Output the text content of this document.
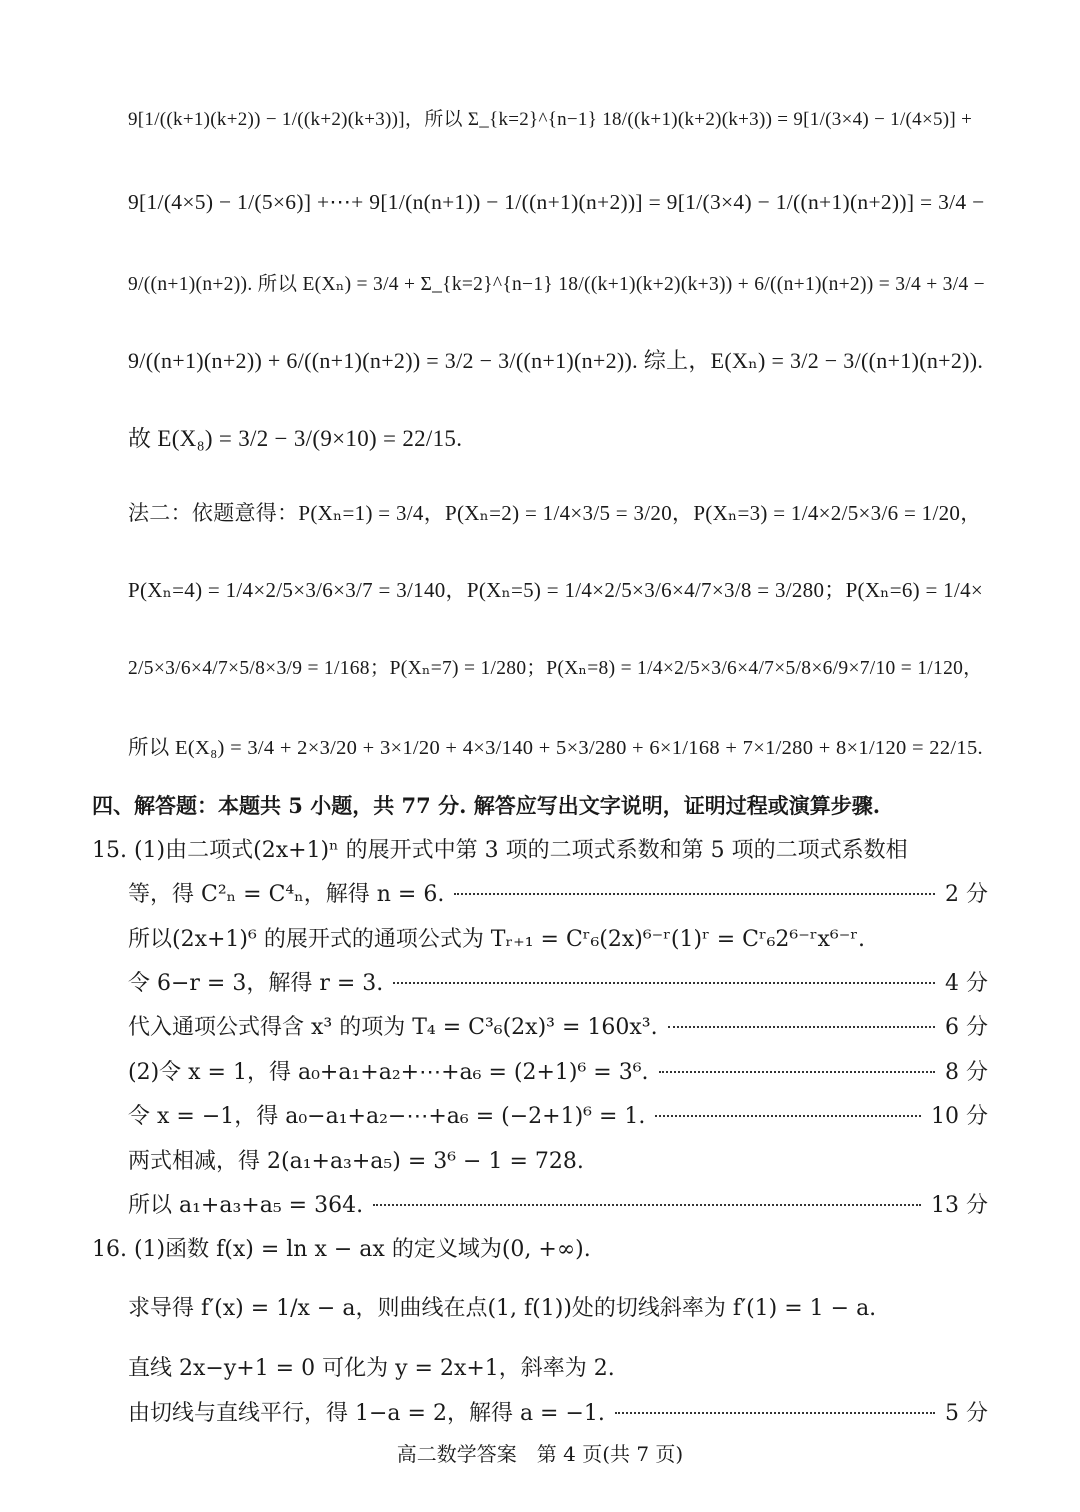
9[1/((k+1)(k+2)) − 1/((k+2)(k+3))]，所以 Σ_{k=2}^{n−1} 18/((k+1)(k+2)(k+3)) = 9[1/(3×4) − 1/(4×5)] +
9[1/(4×5) − 1/(5×6)] +⋯+ 9[1/(n(n+1)) − 1/((n+1)(n+2))] = 9[1/(3×4) − 1/((n+1)(n+2))] = 3/4 −
9/((n+1)(n+2)). 所以 E(Xₙ) = 3/4 + Σ_{k=2}^{n−1} 18/((k+1)(k+2)(k+3)) + 6/((n+1)(n+2)) = 3/4 + 3/4 −
9/((n+1)(n+2)) + 6/((n+1)(n+2)) = 3/2 − 3/((n+1)(n+2)). 综上，E(Xₙ) = 3/2 − 3/((n+1)(n+2)).
故 E(X₈) = 3/2 − 3/(9×10) = 22/15.
法二：依题意得：P(Xₙ=1) = 3/4，P(Xₙ=2) = 1/4×3/5 = 3/20，P(Xₙ=3) = 1/4×2/5×3/6 = 1/20，
P(Xₙ=4) = 1/4×2/5×3/6×3/7 = 3/140，P(Xₙ=5) = 1/4×2/5×3/6×4/7×3/8 = 3/280；P(Xₙ=6) = 1/4×
2/5×3/6×4/7×5/8×3/9 = 1/168；P(Xₙ=7) = 1/280；P(Xₙ=8) = 1/4×2/5×3/6×4/7×5/8×6/9×7/10 = 1/120，
所以 E(X₈) = 3/4 + 2×3/20 + 3×1/20 + 4×3/140 + 5×3/280 + 6×1/168 + 7×1/280 + 8×1/120 = 22/15.
四、解答题：本题共 5 小题，共 77 分. 解答应写出文字说明，证明过程或演算步骤.
15. (1)由二项式(2x+1)ⁿ 的展开式中第 3 项的二项式系数和第 5 项的二项式系数相
等，得 C²ₙ = C⁴ₙ，解得 n = 6.	2 分
所以(2x+1)⁶ 的展开式的通项公式为 Tᵣ₊₁ = Cʳ₆(2x)⁶⁻ʳ(1)ʳ = Cʳ₆2⁶⁻ʳx⁶⁻ʳ.
令 6−r = 3，解得 r = 3.	4 分
代入通项公式得含 x³ 的项为 T₄ = C³₆(2x)³ = 160x³.	6 分
(2)令 x = 1，得 a₀+a₁+a₂+⋯+a₆ = (2+1)⁶ = 3⁶.	8 分
令 x = −1，得 a₀−a₁+a₂−⋯+a₆ = (−2+1)⁶ = 1.	10 分
两式相减，得 2(a₁+a₃+a₅) = 3⁶ − 1 = 728.
所以 a₁+a₃+a₅ = 364.	13 分
16. (1)函数 f(x) = ln x − ax 的定义域为(0, +∞).
求导得 f′(x) = 1/x − a，则曲线在点(1, f(1))处的切线斜率为 f′(1) = 1 − a.
直线 2x−y+1 = 0 可化为 y = 2x+1，斜率为 2.
由切线与直线平行，得 1−a = 2，解得 a = −1.	5 分
高二数学答案　第 4 页(共 7 页)
